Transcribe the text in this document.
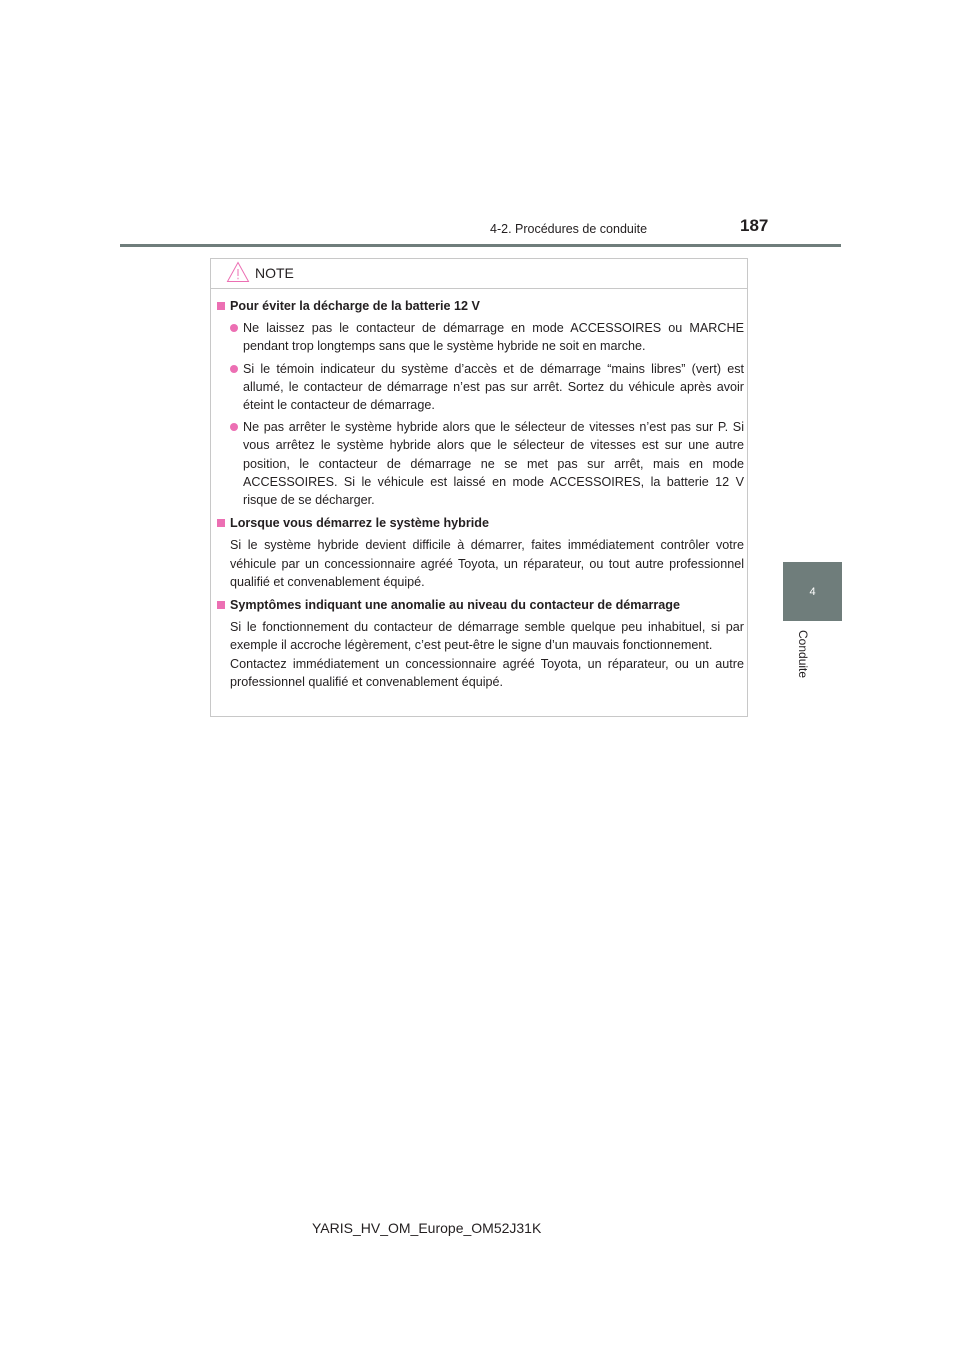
4-2. Procédures de conduite	187
4
Conduite
NOTE
Pour éviter la décharge de la batterie 12 V
Ne laissez pas le contacteur de démarrage en mode ACCESSOIRES ou MARCHE pendant trop longtemps sans que le système hybride ne soit en marche.
Si le témoin indicateur du système d’accès et de démarrage “mains libres” (vert) est allumé, le contacteur de démarrage n’est pas sur arrêt. Sortez du véhicule après avoir éteint le contacteur de démarrage.
Ne pas arrêter le système hybride alors que le sélecteur de vitesses n’est pas sur P. Si vous arrêtez le système hybride alors que le sélecteur de vitesses est sur une autre position, le contacteur de démarrage ne se met pas sur arrêt, mais en mode ACCESSOIRES. Si le véhicule est laissé en mode ACCESSOIRES, la batterie 12 V risque de se décharger.
Lorsque vous démarrez le système hybride
Si le système hybride devient difficile à démarrer, faites immédiatement contrôler votre véhicule par un concessionnaire agréé Toyota, un réparateur, ou tout autre professionnel qualifié et convenablement équipé.
Symptômes indiquant une anomalie au niveau du contacteur de démarrage
Si le fonctionnement du contacteur de démarrage semble quelque peu inhabituel, si par exemple il accroche légèrement, c’est peut-être le signe d’un mauvais fonctionnement.
Contactez immédiatement un concessionnaire agréé Toyota, un réparateur, ou un autre professionnel qualifié et convenablement équipé.
YARIS_HV_OM_Europe_OM52J31K
